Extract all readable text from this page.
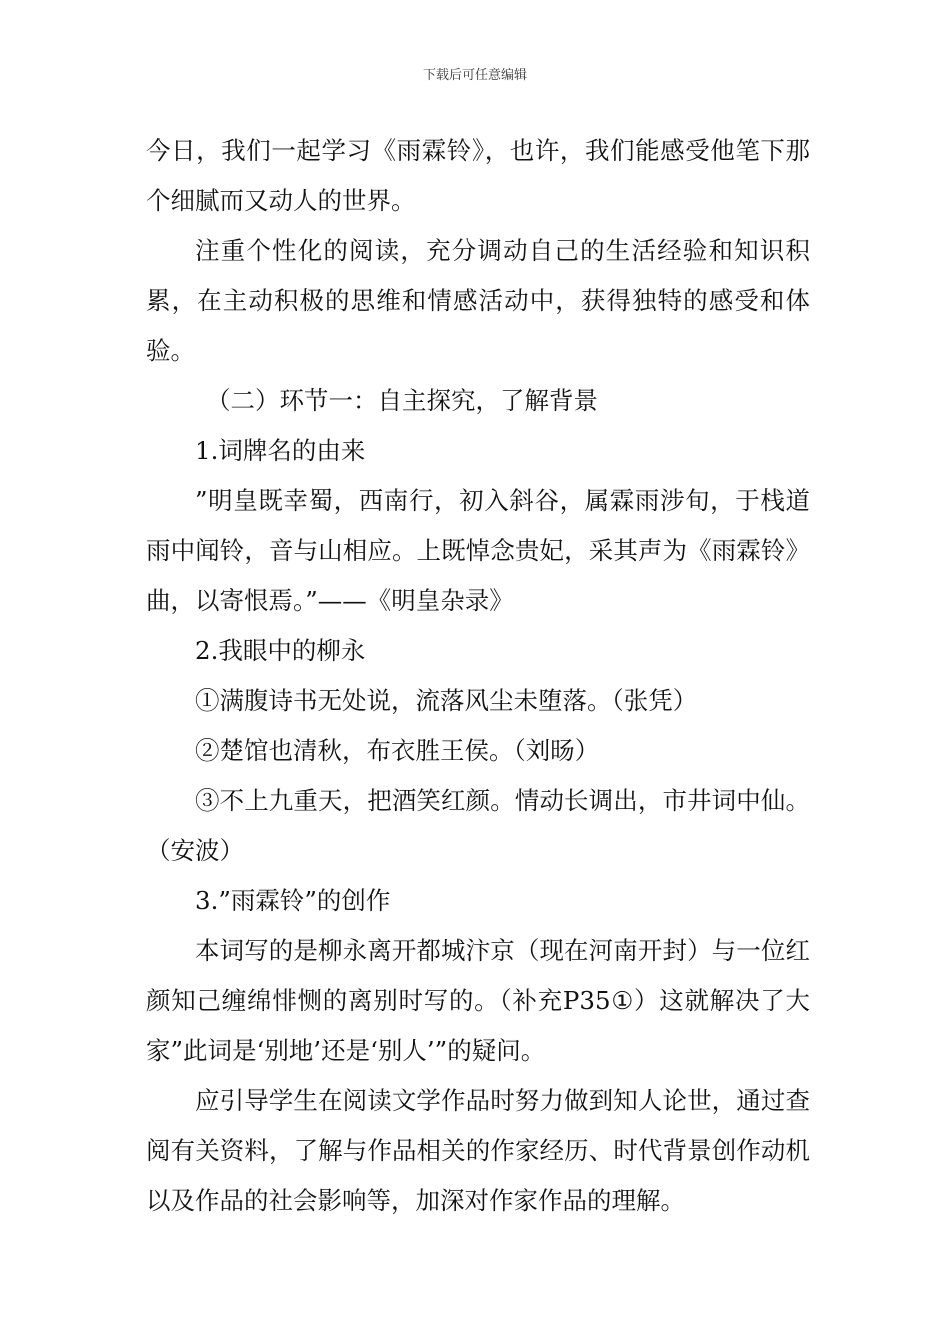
下载后可任意编辑

今日，我们一起学习《雨霖铃》，也许，我们能感受他笔下那个细腻而又动人的世界。

注重个性化的阅读，充分调动自己的生活经验和知识积累，在主动积极的思维和情感活动中，获得独特的感受和体验。

（二）环节一：自主探究，了解背景

1.词牌名的由来

”明皇既幸蜀，西南行，初入斜谷，属霖雨涉旬，于栈道雨中闻铃，音与山相应。上既悼念贵妃，采其声为《雨霖铃》曲，以寄恨焉。”——《明皇杂录》

2.我眼中的柳永

①满腹诗书无处说，流落风尘未堕落。（张凭）

②楚馆也清秋，布衣胜王侯。（刘旸）

③不上九重天，把酒笑红颜。情动长调出，市井词中仙。（安波）

3.”雨霖铃”的创作

本词写的是柳永离开都城汴京（现在河南开封）与一位红颜知己缠绵悱恻的离别时写的。（补充P35①）这就解决了大家”此词是‘别地’还是‘别人’”的疑问。

应引导学生在阅读文学作品时努力做到知人论世，通过查阅有关资料，了解与作品相关的作家经历、时代背景创作动机以及作品的社会影响等，加深对作家作品的理解。
